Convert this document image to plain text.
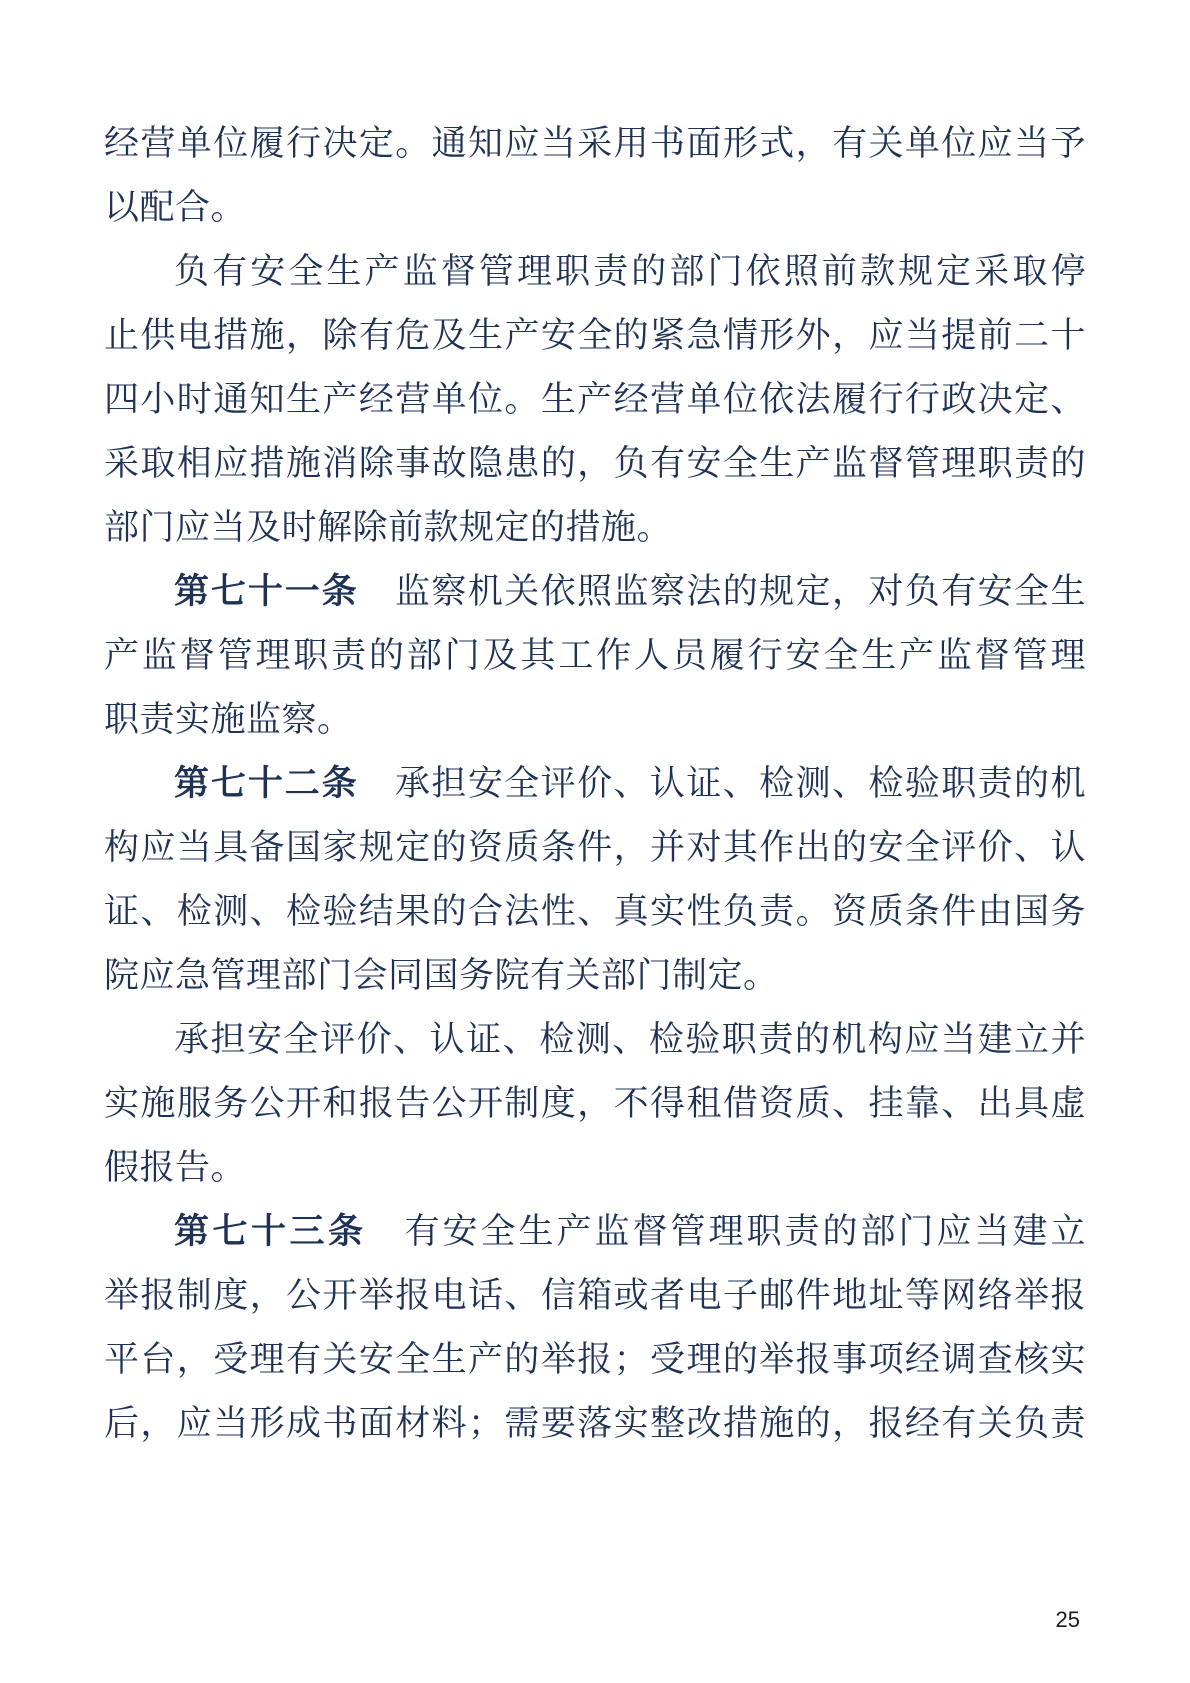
经营单位履行决定。通知应当采用书面形式，有关单位应当予
以配合。
负有安全生产监督管理职责的部门依照前款规定采取停
止供电措施，除有危及生产安全的紧急情形外，应当提前二十
四小时通知生产经营单位。生产经营单位依法履行行政决定、
采取相应措施消除事故隐患的，负有安全生产监督管理职责的
部门应当及时解除前款规定的措施。
第七十一条　监察机关依照监察法的规定，对负有安全生
产监督管理职责的部门及其工作人员履行安全生产监督管理
职责实施监察。
第七十二条　承担安全评价、认证、检测、检验职责的机
构应当具备国家规定的资质条件，并对其作出的安全评价、认
证、检测、检验结果的合法性、真实性负责。资质条件由国务
院应急管理部门会同国务院有关部门制定。
承担安全评价、认证、检测、检验职责的机构应当建立并
实施服务公开和报告公开制度，不得租借资质、挂靠、出具虚
假报告。
第七十三条　有安全生产监督管理职责的部门应当建立
举报制度，公开举报电话、信箱或者电子邮件地址等网络举报
平台，受理有关安全生产的举报；受理的举报事项经调查核实
后，应当形成书面材料；需要落实整改措施的，报经有关负责
25
